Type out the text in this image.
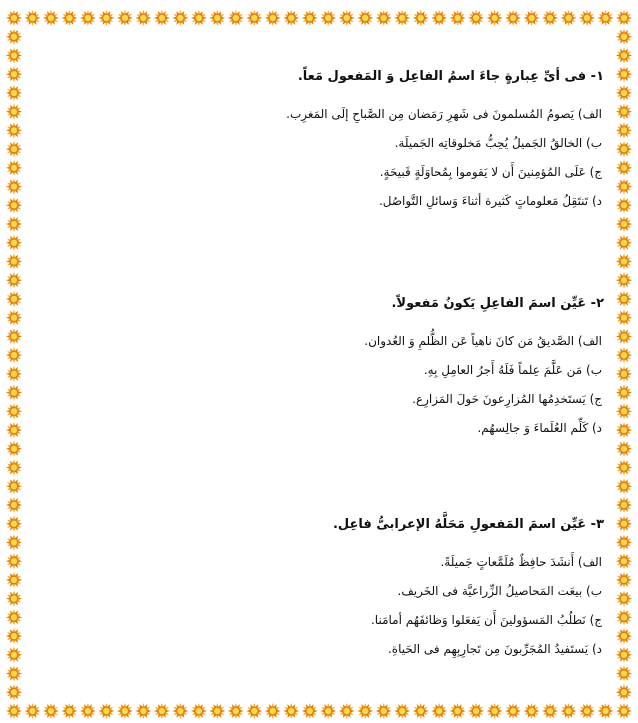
١- فی أیِّ عِبارةٍ جاءَ اسمُ الفاعِل وَ المَفعول مَعاً.

الف) یَصومُ المُسلمونَ فی شَهرِ رَمَضان مِن الصَّباحِ إلَی المَغرِب.

ب) الخالقُ الجَمیلُ یُحِبُّ مَخلوقاتِه الجَمیلَة.

ج) عَلَی المُؤمِنینَ أَن لا یَقوموا بِمُحاوَلَةٍ قَبیحَةٍ.

د) تَنتَقِلُ مَعلوماتٍ کَثیرة أثناءَ وَسائلِ التَّواصُل.

٢- عَیِّن اسمَ الفاعِلِ یَکونُ مَفعولاً.

الف) الصَّدیقُ مَن کانَ ناهیاً عَن الظُّلمِ وَ العُدوان.

ب) مَن عَلَّمَ عِلماً فَلَهُ أَجرُ العامِلِ بِهِ.

ج) یَستَخدِمُها المُزارِعونَ حَولَ المَزارِع.

د) کَلِّم العُلَماءَ وَ جالِسهُم.

٣- عَیِّن اسمَ المَفعولِ مَحَلَّهُ الإعرابیُّ فاعِل.

الف) أَنشَدَ حافِظٌ مُلَمَّعاتٍ جَمیلَةً.

ب) بیعَت المَحاصیلُ الزِّراعیَّة فی الخَریف.

ج) نَطلُبُ المَسؤولینَ أَن یَفعَلوا وَظائفَهُم أمامَنا.

د) یَستَفیدُ المُجَرِّبونَ مِن تَجارِبِهِم فی الحَیاةِ.
